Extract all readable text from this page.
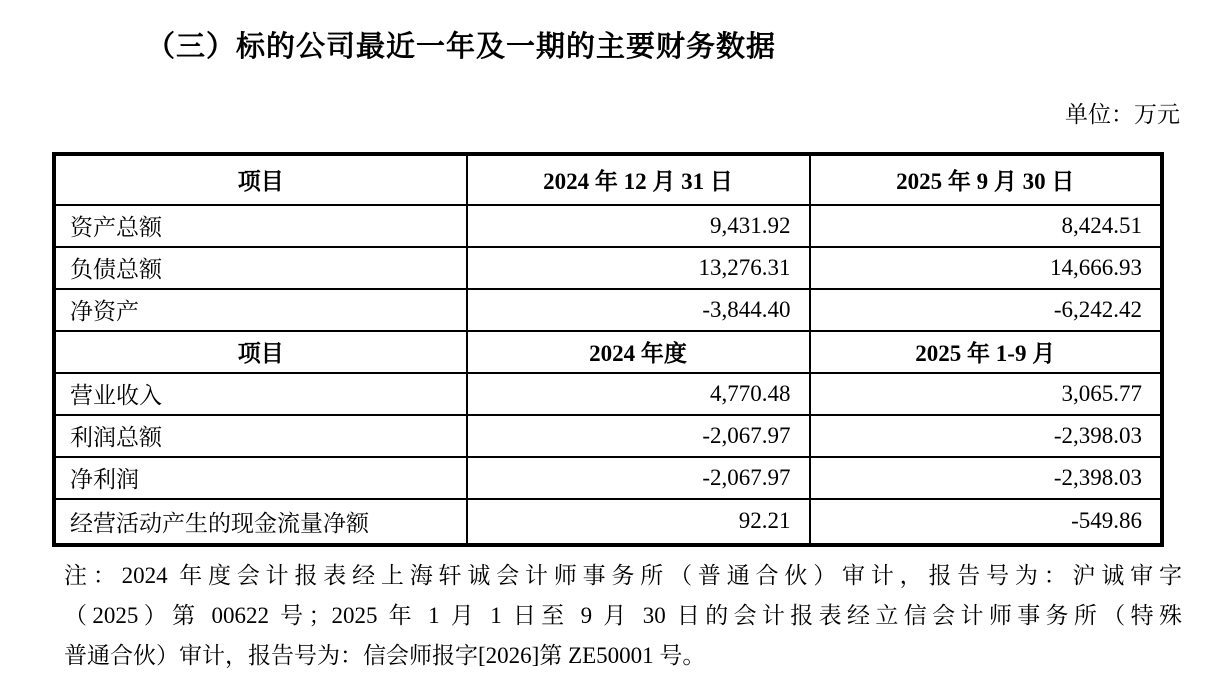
（三）标的公司最近一年及一期的主要财务数据
单位：万元
项目	2024 年 12 月 31 日	2025 年 9 月 30 日
资产总额	9,431.92	8,424.51
负债总额	13,276.31	14,666.93
净资产	-3,844.40	-6,242.42
项目	2024 年度	2025 年 1-9 月
营业收入	4,770.48	3,065.77
利润总额	-2,067.97	-2,398.03
净利润	-2,067.97	-2,398.03
经营活动产生的现金流量净额	92.21	-549.86
注：2024 年度会计报表经上海轩诚会计师事务所（普通合伙）审计，报告号为：沪诚审字
（2025）第 00622 号；2025 年 1 月 1 日至 9 月 30 日的会计报表经立信会计师事务所（特殊
普通合伙）审计，报告号为：信会师报字[2026]第 ZE50001 号。
